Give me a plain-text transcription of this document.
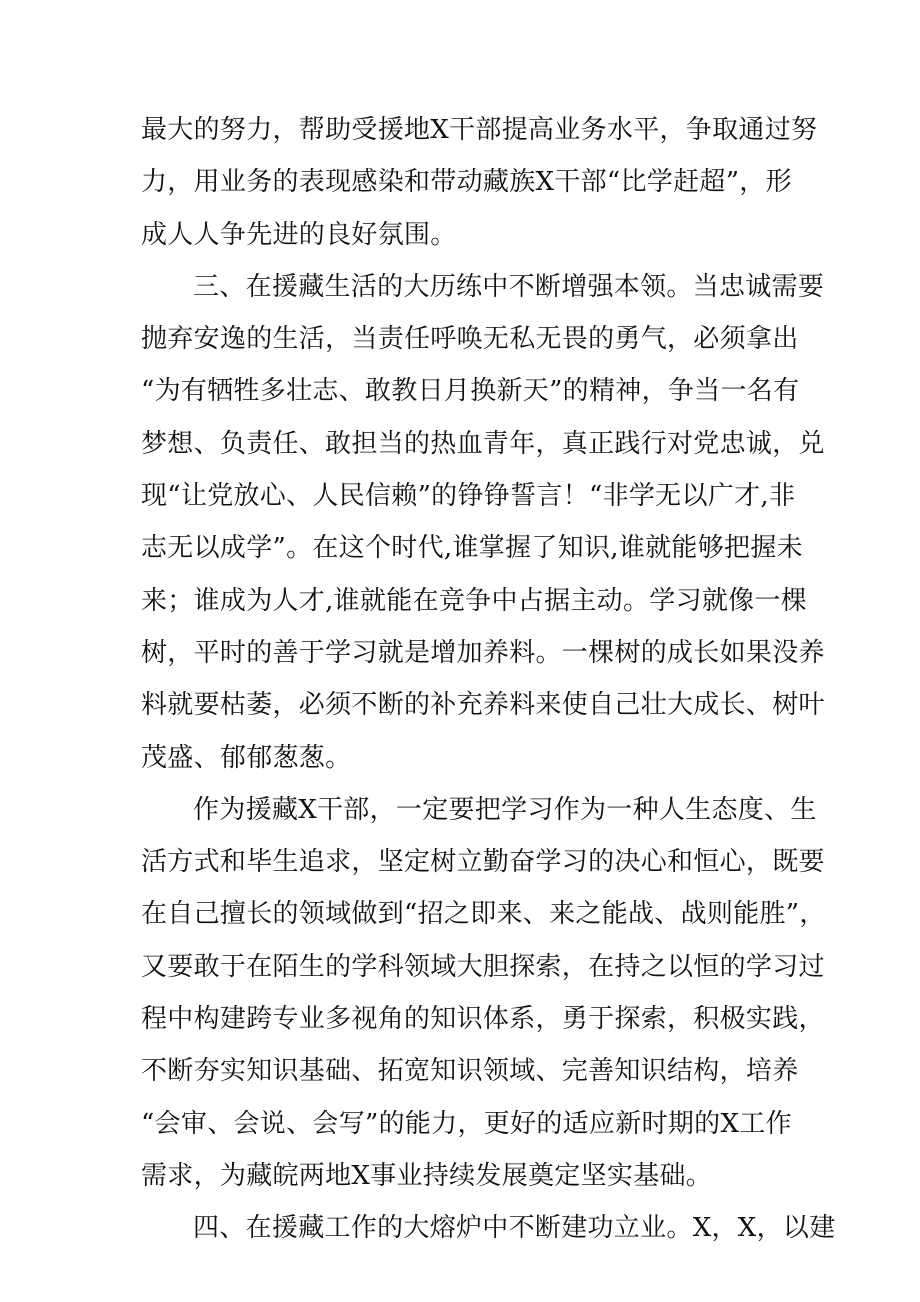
最大的努力，帮助受援地X干部提高业务水平，争取通过努
力，用业务的表现感染和带动藏族X干部“比学赶超”，形
成人人争先进的良好氛围。
三、在援藏生活的大历练中不断增强本领。当忠诚需要
抛弃安逸的生活，当责任呼唤无私无畏的勇气，必须拿出
“为有牺牲多壮志、敢教日月换新天”的精神，争当一名有
梦想、负责任、敢担当的热血青年，真正践行对党忠诚，兑
现“让党放心、人民信赖”的铮铮誓言！“非学无以广才,非
志无以成学”。在这个时代,谁掌握了知识,谁就能够把握未
来；谁成为人才,谁就能在竞争中占据主动。学习就像一棵
树，平时的善于学习就是增加养料。一棵树的成长如果没养
料就要枯萎，必须不断的补充养料来使自己壮大成长、树叶
茂盛、郁郁葱葱。
作为援藏X干部，一定要把学习作为一种人生态度、生
活方式和毕生追求，坚定树立勤奋学习的决心和恒心，既要
在自己擅长的领域做到“招之即来、来之能战、战则能胜”，
又要敢于在陌生的学科领域大胆探索，在持之以恒的学习过
程中构建跨专业多视角的知识体系，勇于探索，积极实践，
不断夯实知识基础、拓宽知识领域、完善知识结构，培养
“会审、会说、会写”的能力，更好的适应新时期的X工作
需求，为藏皖两地X事业持续发展奠定坚实基础。
四、在援藏工作的大熔炉中不断建功立业。X，X，以建
